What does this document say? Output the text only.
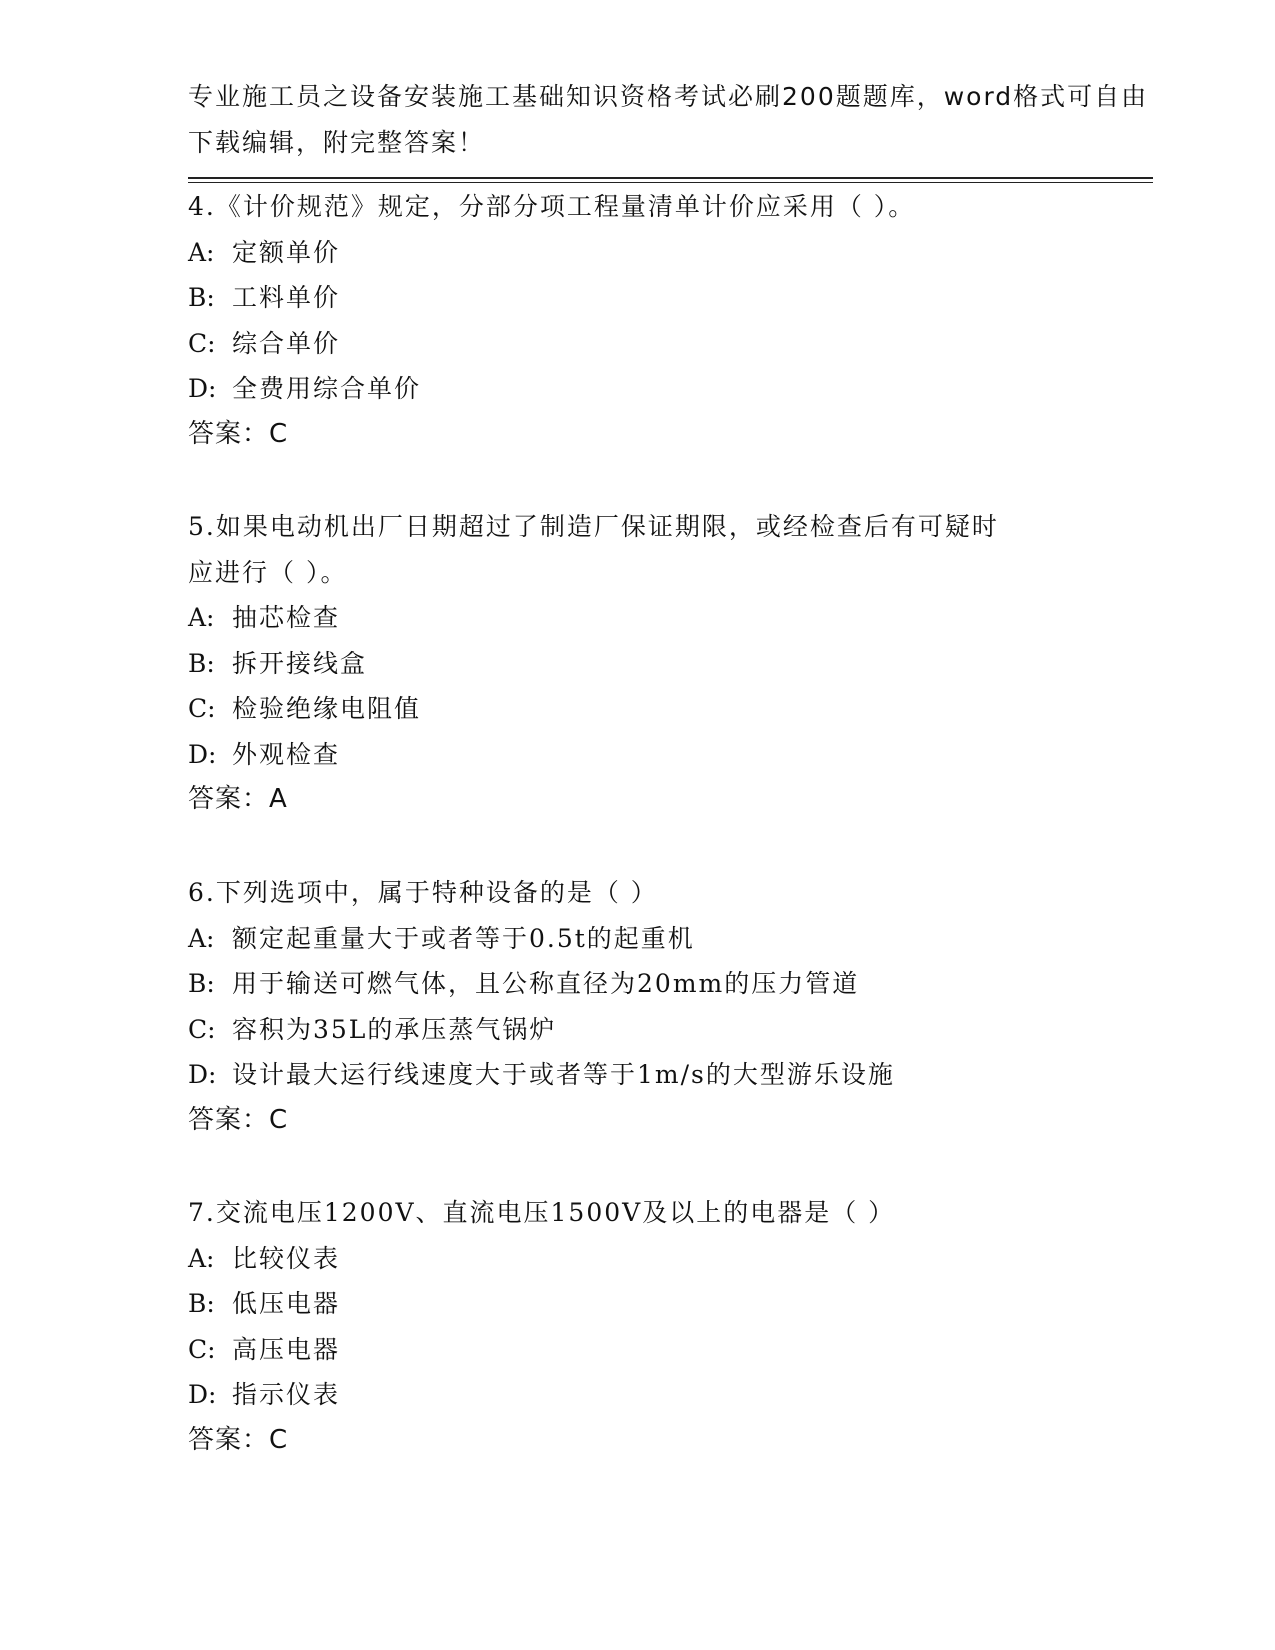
专业施工员之设备安装施工基础知识资格考试必刷200题题库，word格式可自由
下载编辑，附完整答案！
4.《计价规范》规定，分部分项工程量清单计价应采用（ ）。
A: 定额单价
B: 工料单价
C: 综合单价
D: 全费用综合单价
答案：C
5.如果电动机出厂日期超过了制造厂保证期限，或经检查后有可疑时
应进行（ ）。
A: 抽芯检查
B: 拆开接线盒
C: 检验绝缘电阻值
D: 外观检查
答案：A
6.下列选项中，属于特种设备的是（ ）
A: 额定起重量大于或者等于0.5t的起重机
B: 用于输送可燃气体，且公称直径为20mm的压力管道
C: 容积为35L的承压蒸气锅炉
D: 设计最大运行线速度大于或者等于1m/s的大型游乐设施
答案：C
7.交流电压1200V、直流电压1500V及以上的电器是（ ）
A: 比较仪表
B: 低压电器
C: 高压电器
D: 指示仪表
答案：C
